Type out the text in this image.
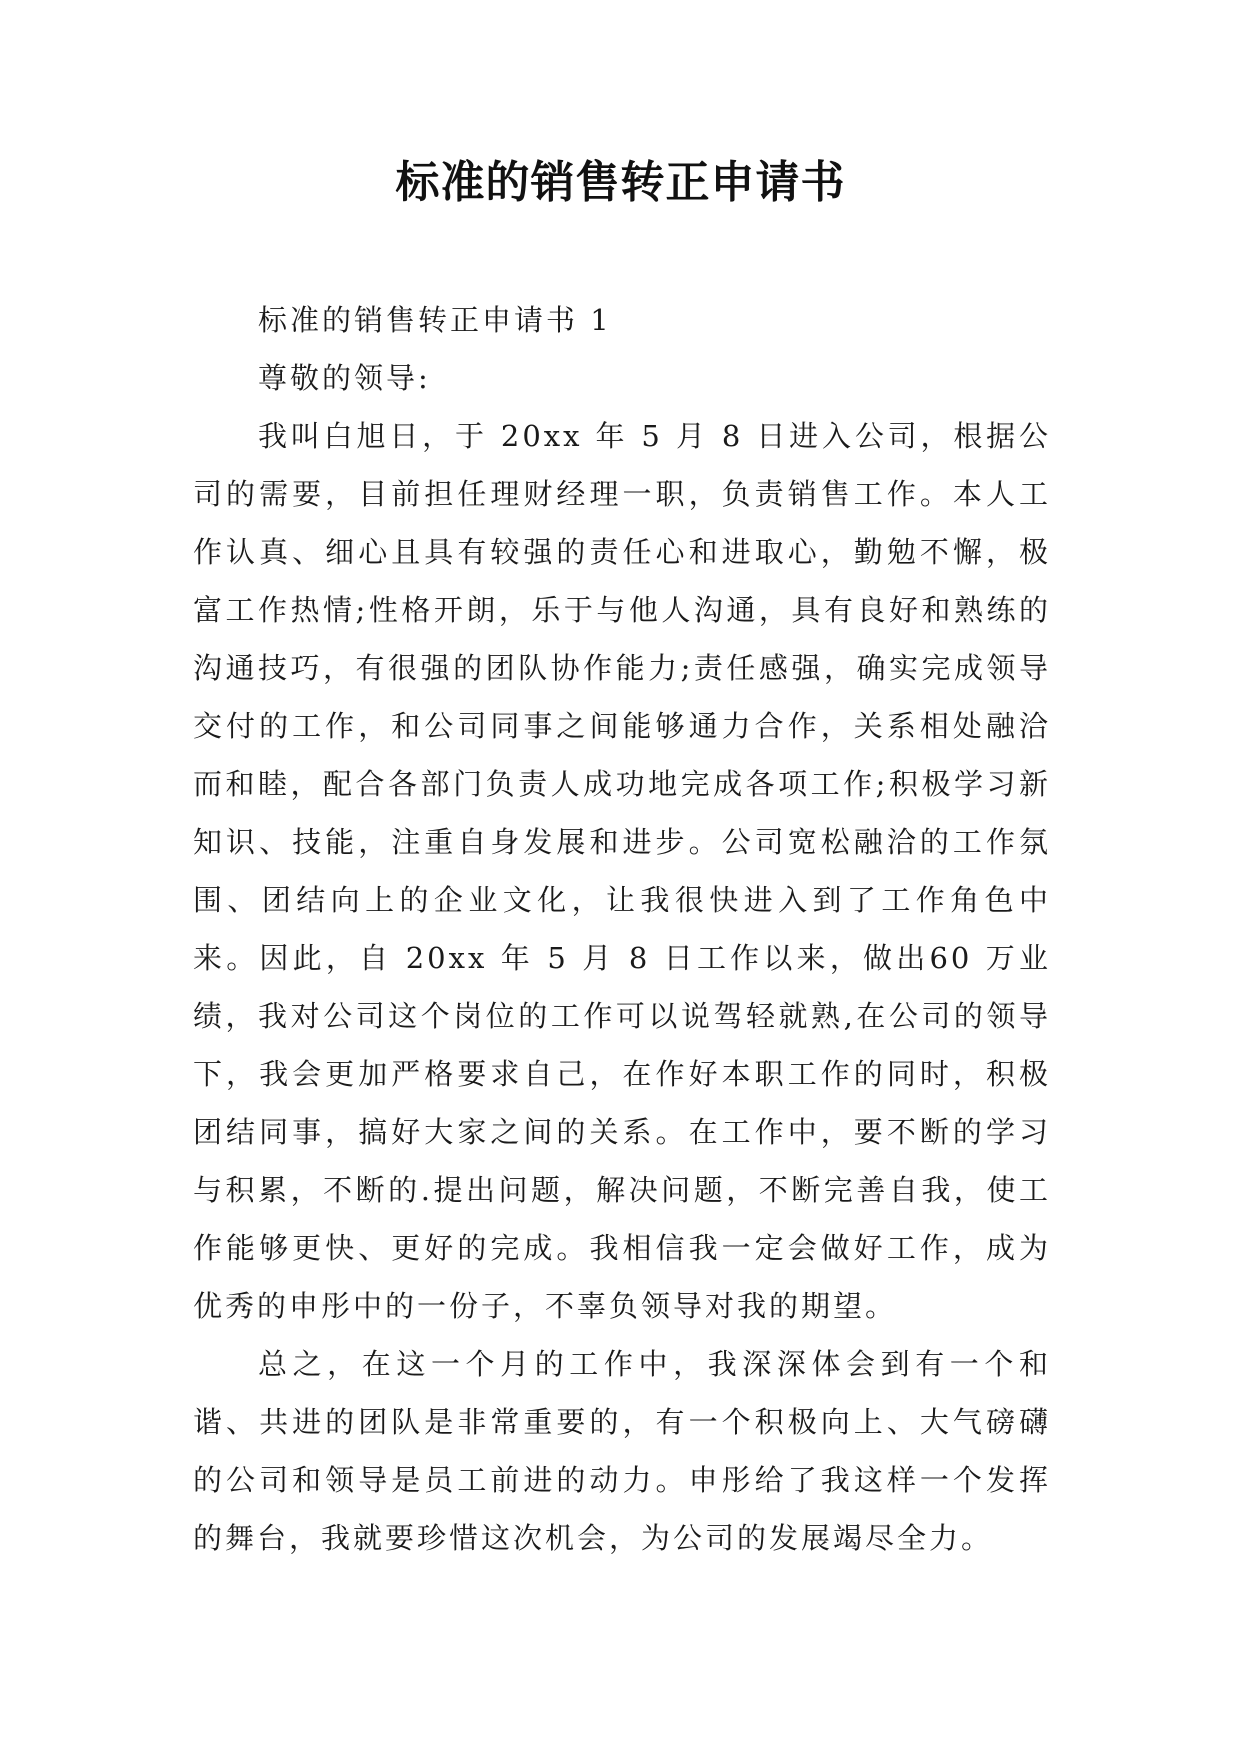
标准的销售转正申请书

标准的销售转正申请书 1

尊敬的领导:

我叫白旭日，于 20xx 年 5 月 8 日进入公司，根据公司的需要，目前担任理财经理一职，负责销售工作。本人工作认真、细心且具有较强的责任心和进取心，勤勉不懈，极富工作热情;性格开朗，乐于与他人沟通，具有良好和熟练的沟通技巧，有很强的团队协作能力;责任感强，确实完成领导交付的工作，和公司同事之间能够通力合作，关系相处融洽而和睦，配合各部门负责人成功地完成各项工作;积极学习新知识、技能，注重自身发展和进步。公司宽松融洽的工作氛围、团结向上的企业文化，让我很快进入到了工作角色中来。因此，自 20xx 年 5 月 8 日工作以来，做出60 万业绩，我对公司这个岗位的工作可以说驾轻就熟,在公司的领导下，我会更加严格要求自己，在作好本职工作的同时，积极团结同事，搞好大家之间的关系。在工作中，要不断的学习与积累，不断的.提出问题，解决问题，不断完善自我，使工作能够更快、更好的完成。我相信我一定会做好工作，成为优秀的申彤中的一份子，不辜负领导对我的期望。

总之，在这一个月的工作中，我深深体会到有一个和谐、共进的团队是非常重要的，有一个积极向上、大气磅礴的公司和领导是员工前进的动力。申彤给了我这样一个发挥的舞台，我就要珍惜这次机会，为公司的发展竭尽全力。
